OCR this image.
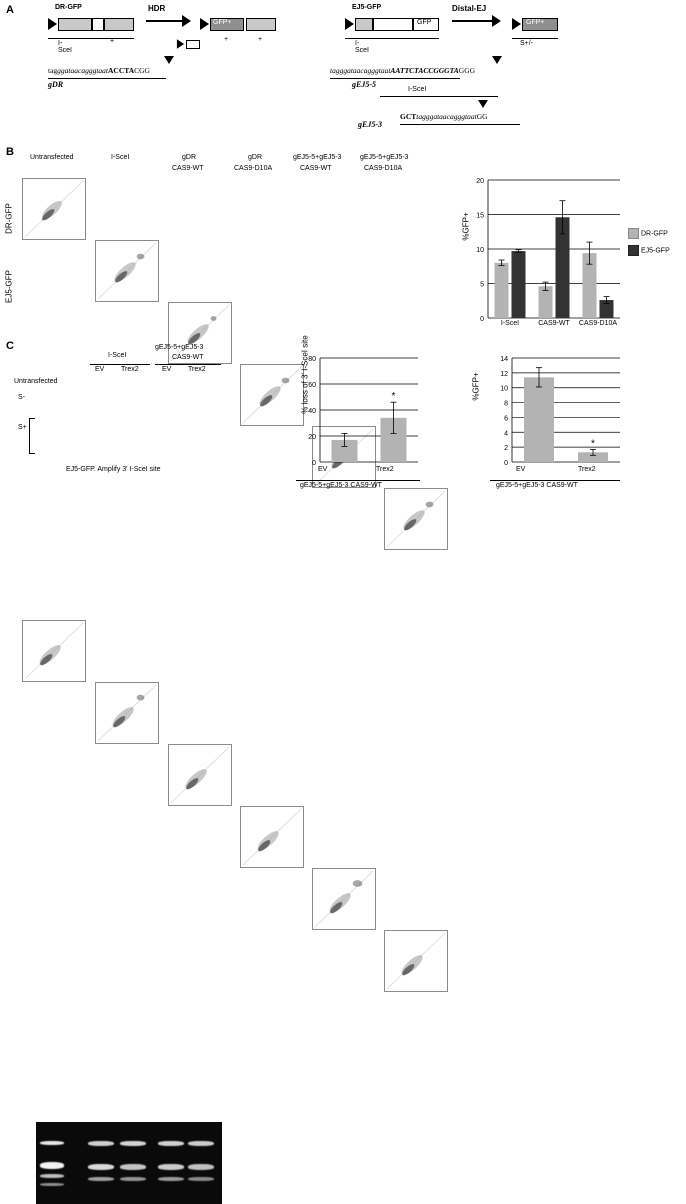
A	DR-GFP
I-SceI
+
HDR
GFP+
+	+
tagggataacagggtaatACCTACGG
gDR
EJ5-GFP
GFP
I-SceI
Distal-EJ
GFP+
S+/-
tagggataacagggtaatAATTCTACCGGGTAGGG
gEJ5-5
I-SceI
GCTtagggataacagggtaatGG
gEJ5-3
B Untransfected	I-SceI	gDR
CAS9-WT
gDR
CAS9-D10A
gEJ5-5+gEJ5-3
CAS9-WT
gEJ5-5+gEJ5-3
CAS9-D10A
DR-GFP
EJ5-GFP
0
5
10
15
20
I-SceI	CAS9-WT	CAS9-D10A
%GFP+	DR-GFP
EJ5-GFP
C
Untransfected
I-SceI
gEJ5-5+gEJ5-3
CAS9-WT
EV Trex2	EV Trex2
S-
S+
EJ5-GFP. Amplify 3′ I-SceI site
0
20
40
60
80
*
% loss of 3′ I-SceI site
EV	Trex2
gEJ5-5+gEJ5-3 CAS9-WT
0
2
4
6
8
10
12
14
*
%GFP+
EV	Trex2
gEJ5-5+gEJ5-3 CAS9-WT
